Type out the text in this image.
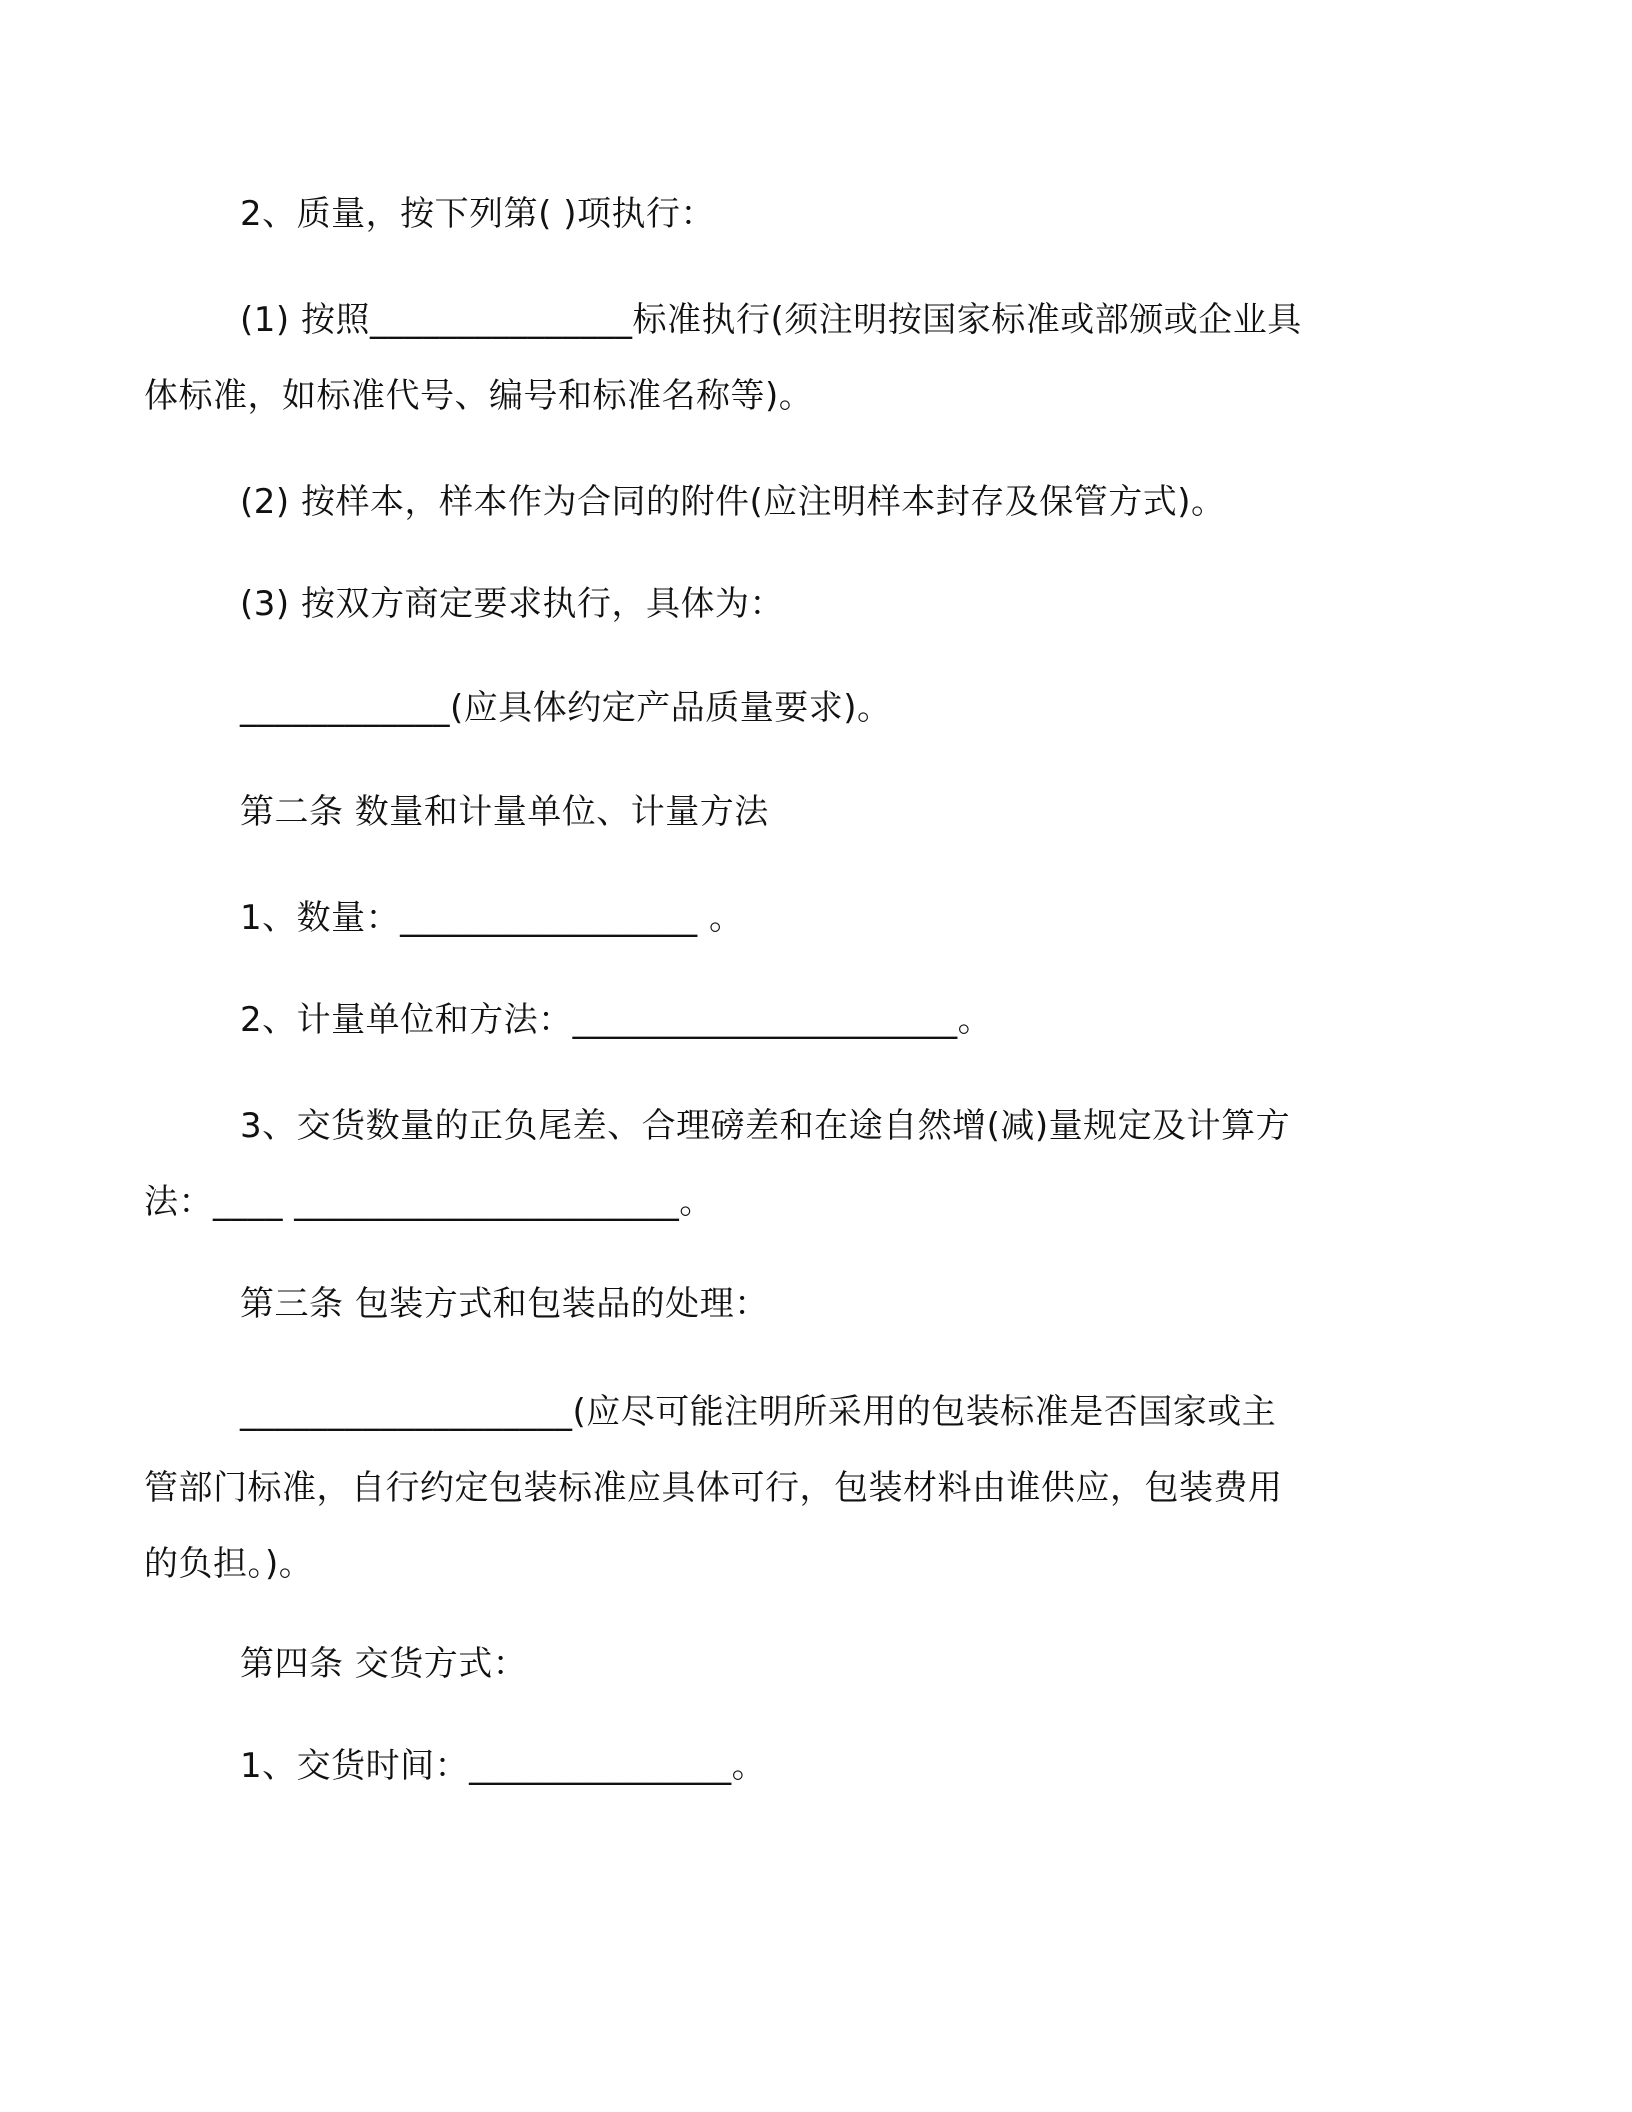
2、质量，按下列第( )项执行：
(1) 按照_______________标准执行(须注明按国家标准或部颁或企业具体标准，如标准代号、编号和标准名称等)。
(2) 按样本，样本作为合同的附件(应注明样本封存及保管方式)。
(3) 按双方商定要求执行，具体为：
____________(应具体约定产品质量要求)。
第二条 数量和计量单位、计量方法
1、数量：_________________ 。
2、计量单位和方法：______________________。
3、交货数量的正负尾差、合理磅差和在途自然增(减)量规定及计算方法：____ ______________________。
第三条 包装方式和包装品的处理：
___________________(应尽可能注明所采用的包装标准是否国家或主管部门标准，自行约定包装标准应具体可行，包装材料由谁供应，包装费用的负担。)。
第四条 交货方式：
1、交货时间：_______________。
